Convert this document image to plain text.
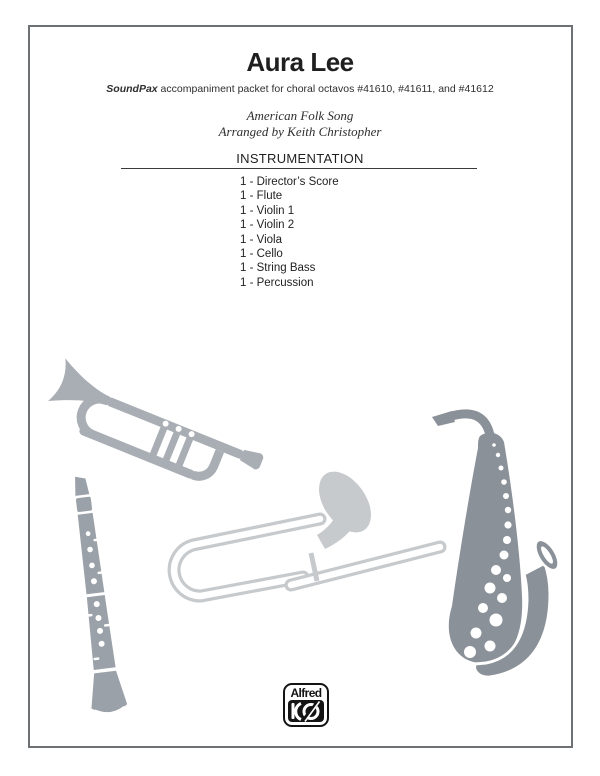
Aura Lee
SoundPax accompaniment packet for choral octavos #41610, #41611, and #41612
American Folk Song
Arranged by Keith Christopher
INSTRUMENTATION
1 - Director’s Score
1 - Flute
1 - Violin 1
1 - Violin 2
1 - Viola
1 - Cello
1 - String Bass
1 - Percussion
Alfred
